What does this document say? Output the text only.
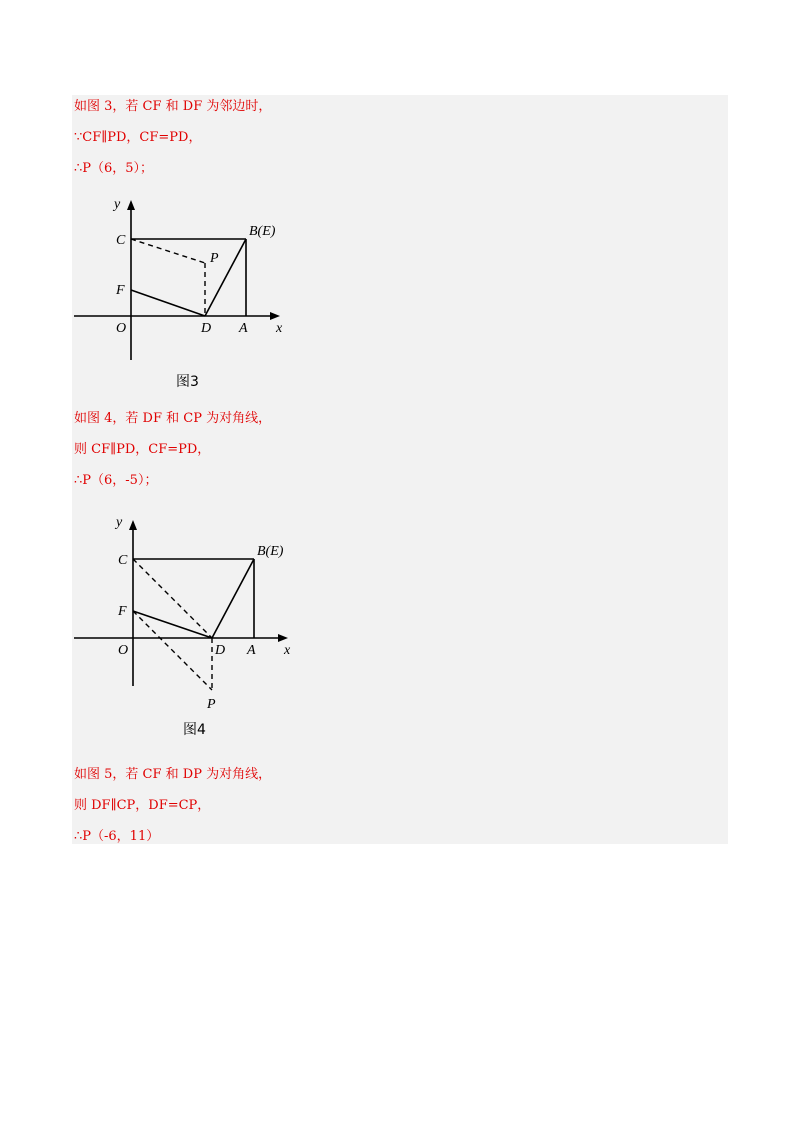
如图 3，若 CF 和 DF 为邻边时，
∵CF∥PD，CF=PD，
∴P（6，5）；
y
C
B(E)
P
F
O	D A x
图3
如图 4，若 DF 和 CP 为对角线，
则 CF∥PD，CF=PD，
∴P（6，-5）；
y
C
B(E)
F
O	D A x
P
图4
如图 5，若 CF 和 DP 为对角线，
则 DF∥CP，DF=CP，
∴P（-6，11）
